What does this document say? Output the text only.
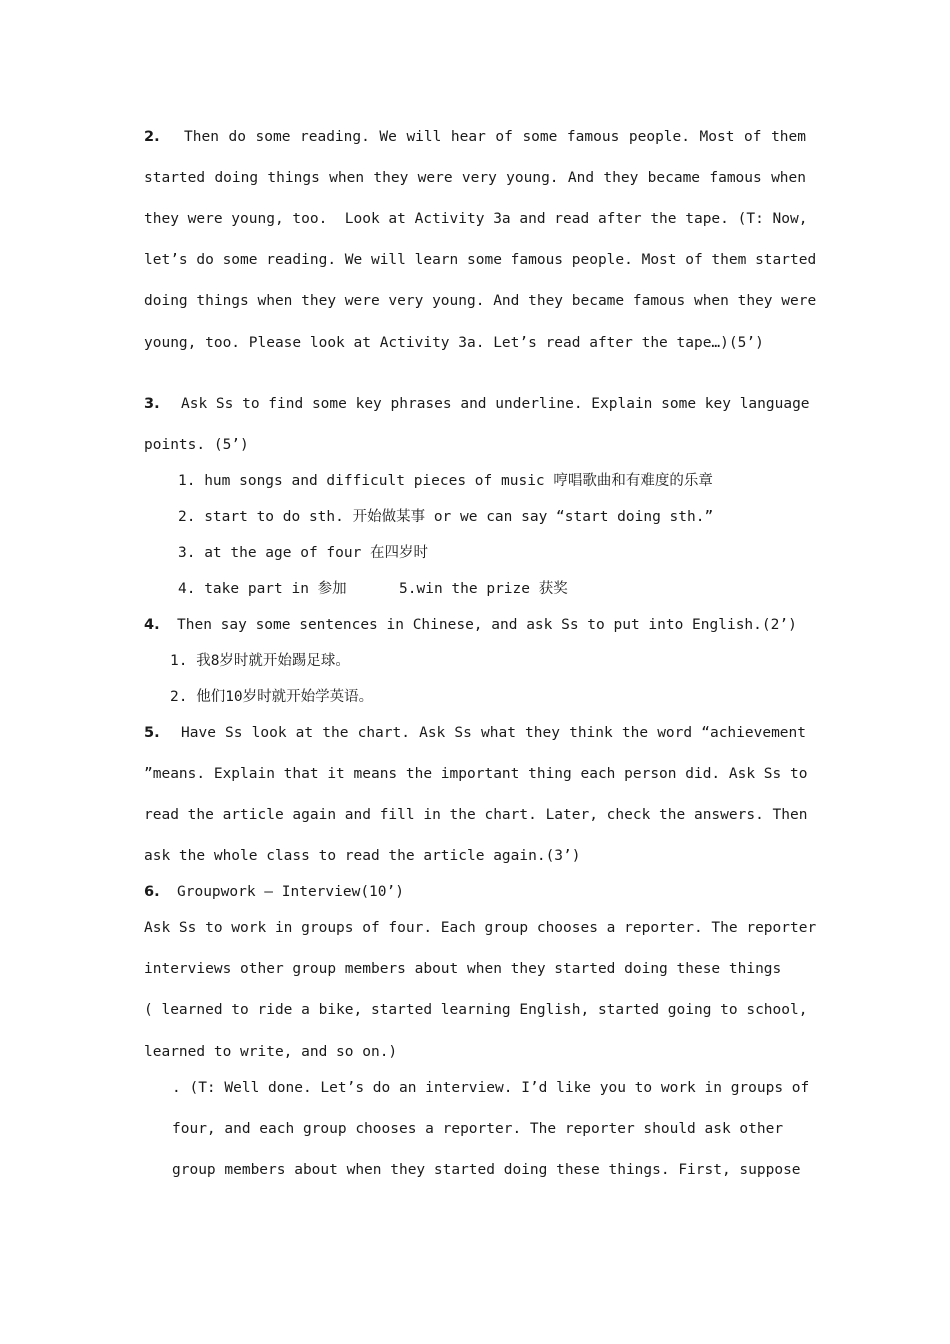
2. Then do some reading. We will hear of some famous people. Most of them
started doing things when they were very young. And they became famous when
they were young, too.  Look at Activity 3a and read after the tape. (T: Now,
let’s do some reading. We will learn some famous people. Most of them started
doing things when they were very young. And they became famous when they were
young, too. Please look at Activity 3a. Let’s read after the tape…)(5’)
3. Ask Ss to find some key phrases and underline. Explain some key language
points. (5’)
1. hum songs and difficult pieces of music 哼唱歌曲和有难度的乐章
2. start to do sth. 开始做某事 or we can say “start doing sth.”
3. at the age of four 在四岁时
4. take part in 参加      5.win the prize 获奖
4. Then say some sentences in Chinese, and ask Ss to put into English.(2’)
1. 我8岁时就开始踢足球。
2. 他们10岁时就开始学英语。
5. Have Ss look at the chart. Ask Ss what they think the word “achievement
”means. Explain that it means the important thing each person did. Ask Ss to
read the article again and fill in the chart. Later, check the answers. Then
ask the whole class to read the article again.(3’)
6. Groupwork – Interview(10’)
Ask Ss to work in groups of four. Each group chooses a reporter. The reporter
interviews other group members about when they started doing these things
( learned to ride a bike, started learning English, started going to school,
learned to write, and so on.)
. (T: Well done. Let’s do an interview. I’d like you to work in groups of
four, and each group chooses a reporter. The reporter should ask other
group members about when they started doing these things. First, suppose
